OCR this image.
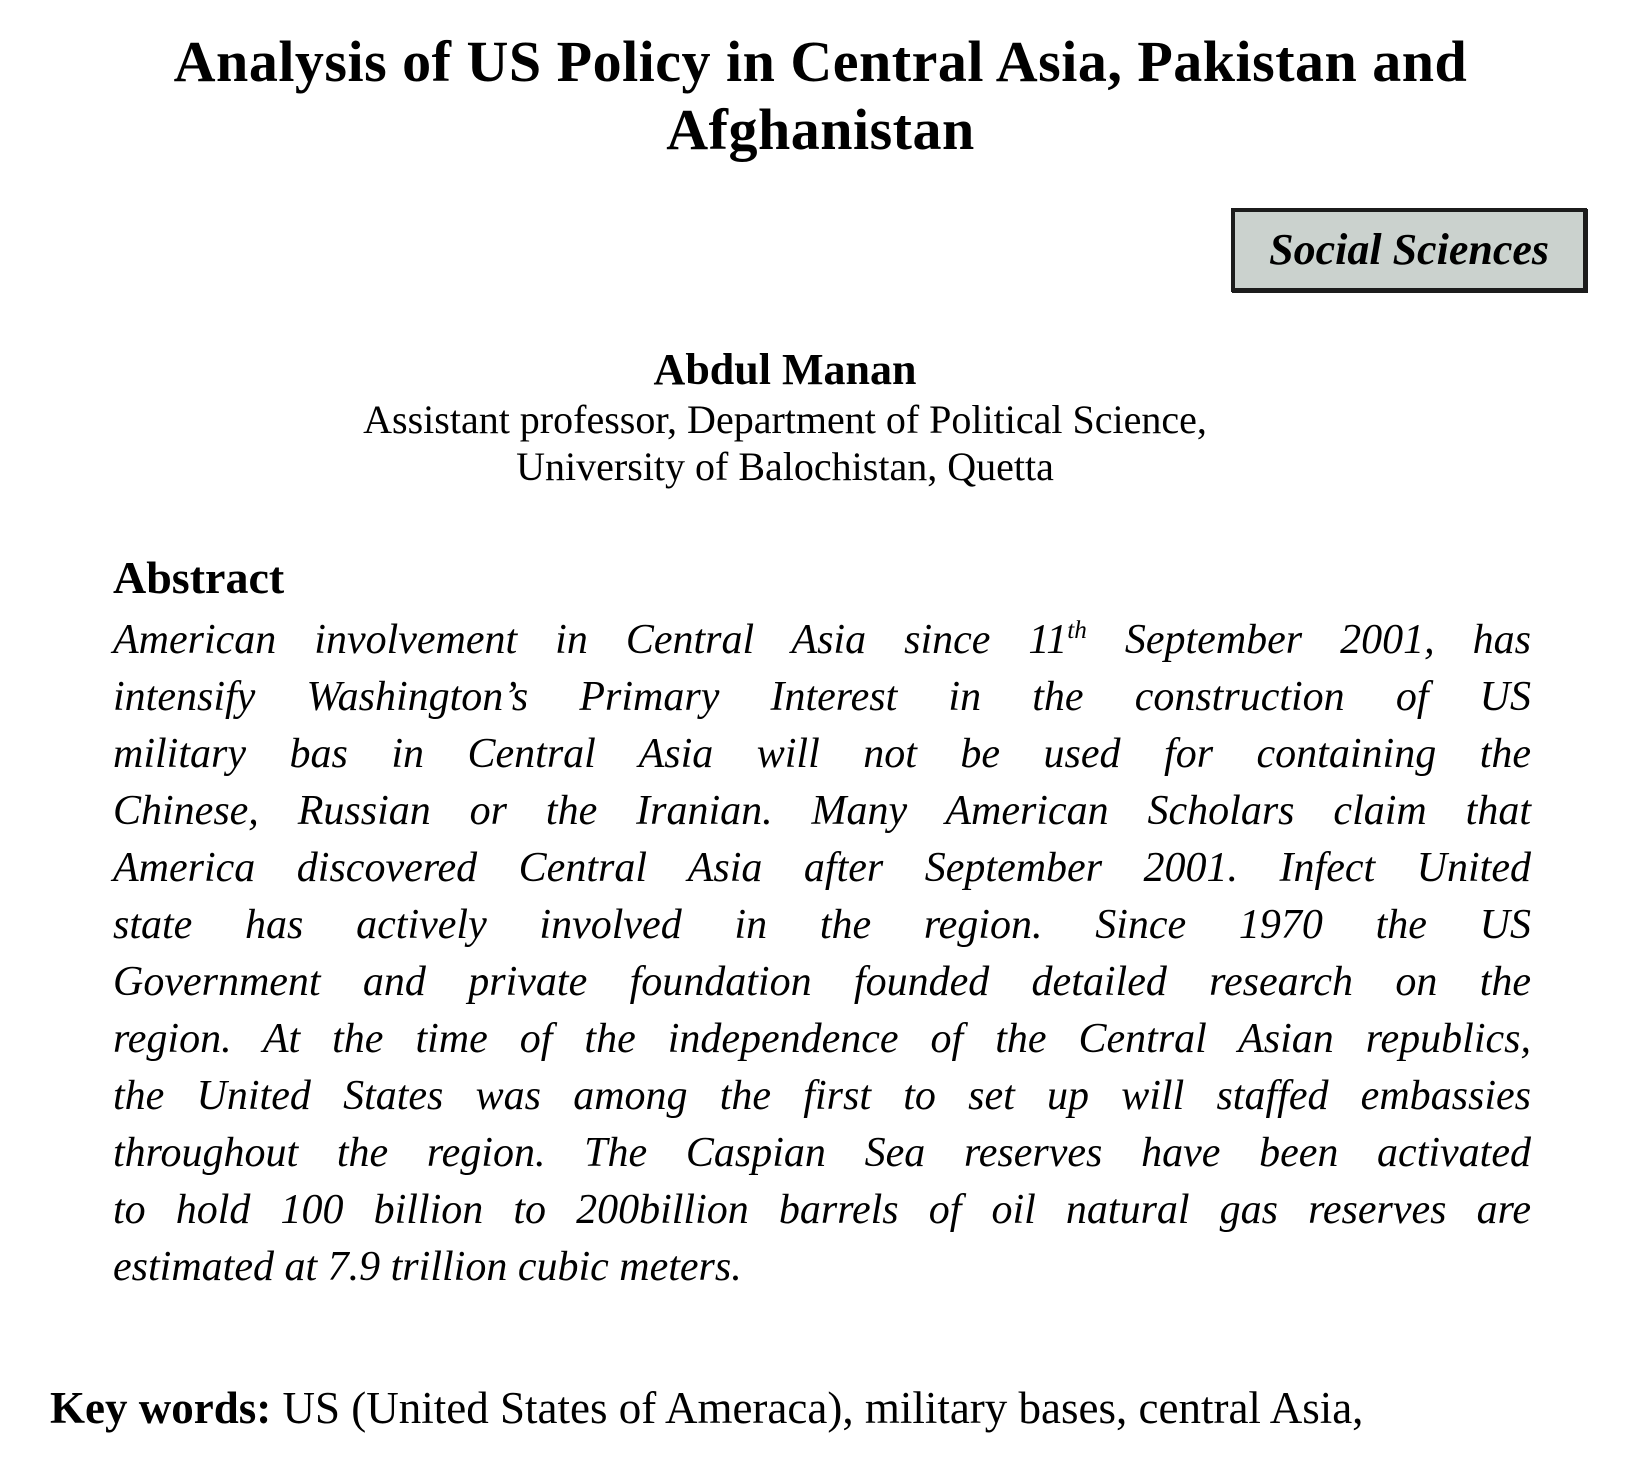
Analysis of US Policy in Central Asia, Pakistan and
Afghanistan
Social Sciences
Abdul Manan
Assistant professor, Department of Political Science,
University of Balochistan, Quetta
Abstract
American involvement in Central Asia since 11th September 2001, has
intensify Washington’s Primary Interest in the construction of US
military bas in Central Asia will not be used for containing the
Chinese, Russian or the Iranian. Many American Scholars claim that
America discovered Central Asia after September 2001. Infect United
state has actively involved in the region. Since 1970 the US
Government and private foundation founded detailed research on the
region. At the time of the independence of the Central Asian republics,
the United States was among the first to set up will staffed embassies
throughout the region. The Caspian Sea reserves have been activated
to hold 100 billion to 200billion barrels of oil natural gas reserves are
estimated at 7.9 trillion cubic meters.
Key words: US (United States of Ameraca), military bases, central Asia,
